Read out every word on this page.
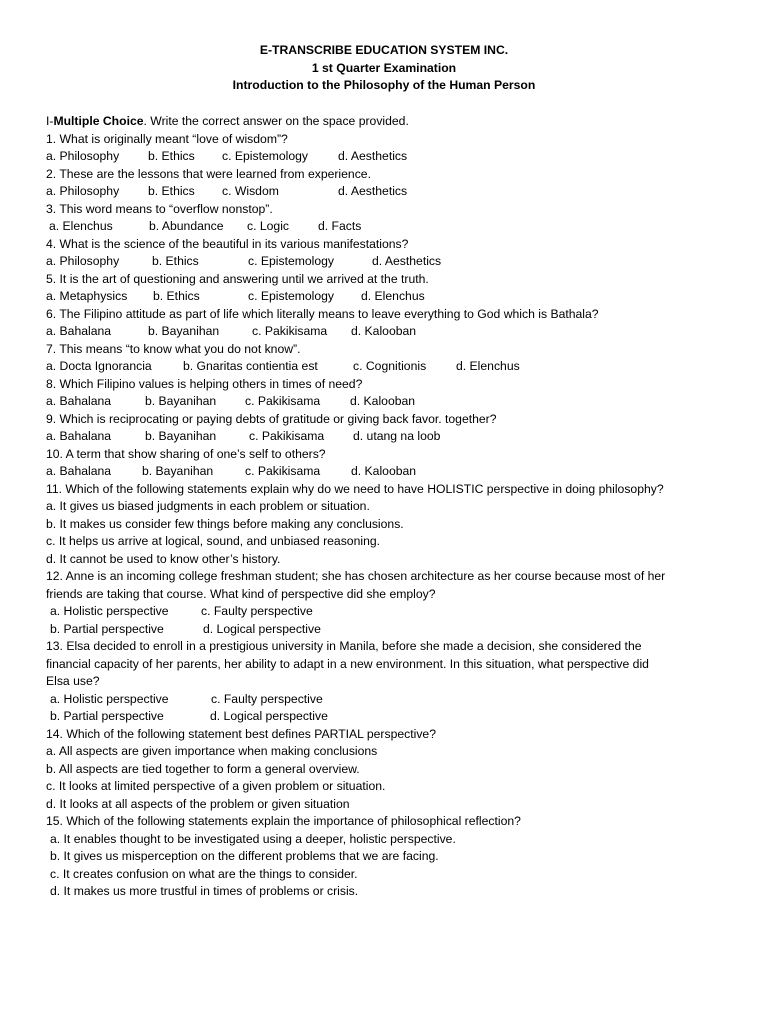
E-TRANSCRIBE EDUCATION SYSTEM INC.
1 st Quarter Examination
Introduction to the Philosophy of the Human Person
I-Multiple Choice. Write the correct answer on the space provided.
1. What is originally meant “love of wisdom”?
a. Philosophy b. Ethics c. Epistemology d. Aesthetics
2. These are the lessons that were learned from experience.
a. Philosophy b. Ethics c. Wisdom	d. Aesthetics
3. This word means to “overflow nonstop”.
a. Elenchus	b. Abundance c. Logic d. Facts
4. What is the science of the beautiful in its various manifestations?
a. Philosophy	b. Ethics	c. Epistemology	d. Aesthetics
5. It is the art of questioning and answering until we arrived at the truth.
a. Metaphysics b. Ethics	c. Epistemology d. Elenchus
6. The Filipino attitude as part of life which literally means to leave everything to God which is Bathala?
a. Bahalana	b. Bayanihan	c. Pakikisama d. Kalooban
7. This means “to know what you do not know”.
a. Docta Ignorancia	b. Gnaritas contientia est	c. Cognitionis d. Elenchus
8. Which Filipino values is helping others in times of need?
a. Bahalana	b. Bayanihan c. Pakikisama d. Kalooban
9. Which is reciprocating or paying debts of gratitude or giving back favor. together?
a. Bahalana	b. Bayanihan	c. Pakikisama d. utang na loob
10. A term that show sharing of one’s self to others?
a. Bahalana	b. Bayanihan	c. Pakikisama	d. Kalooban
11. Which of the following statements explain why do we need to have HOLISTIC perspective in doing philosophy?
a. It gives us biased judgments in each problem or situation.
b. It makes us consider few things before making any conclusions.
c. It helps us arrive at logical, sound, and unbiased reasoning.
d. It cannot be used to know other’s history.
12. Anne is an incoming college freshman student; she has chosen architecture as her course because most of her
friends are taking that course. What kind of perspective did she employ?
a. Holistic perspective	c. Faulty perspective
b. Partial perspective	d. Logical perspective
13. Elsa decided to enroll in a prestigious university in Manila, before she made a decision, she considered the
financial capacity of her parents, her ability to adapt in a new environment. In this situation, what perspective did
Elsa use?
a. Holistic perspective	c. Faulty perspective
b. Partial perspective	d. Logical perspective
14. Which of the following statement best defines PARTIAL perspective?
a. All aspects are given importance when making conclusions
b. All aspects are tied together to form a general overview.
c. It looks at limited perspective of a given problem or situation.
d. It looks at all aspects of the problem or given situation
15. Which of the following statements explain the importance of philosophical reflection?
a. It enables thought to be investigated using a deeper, holistic perspective.
b. It gives us misperception on the different problems that we are facing.
c. It creates confusion on what are the things to consider.
d. It makes us more trustful in times of problems or crisis.
